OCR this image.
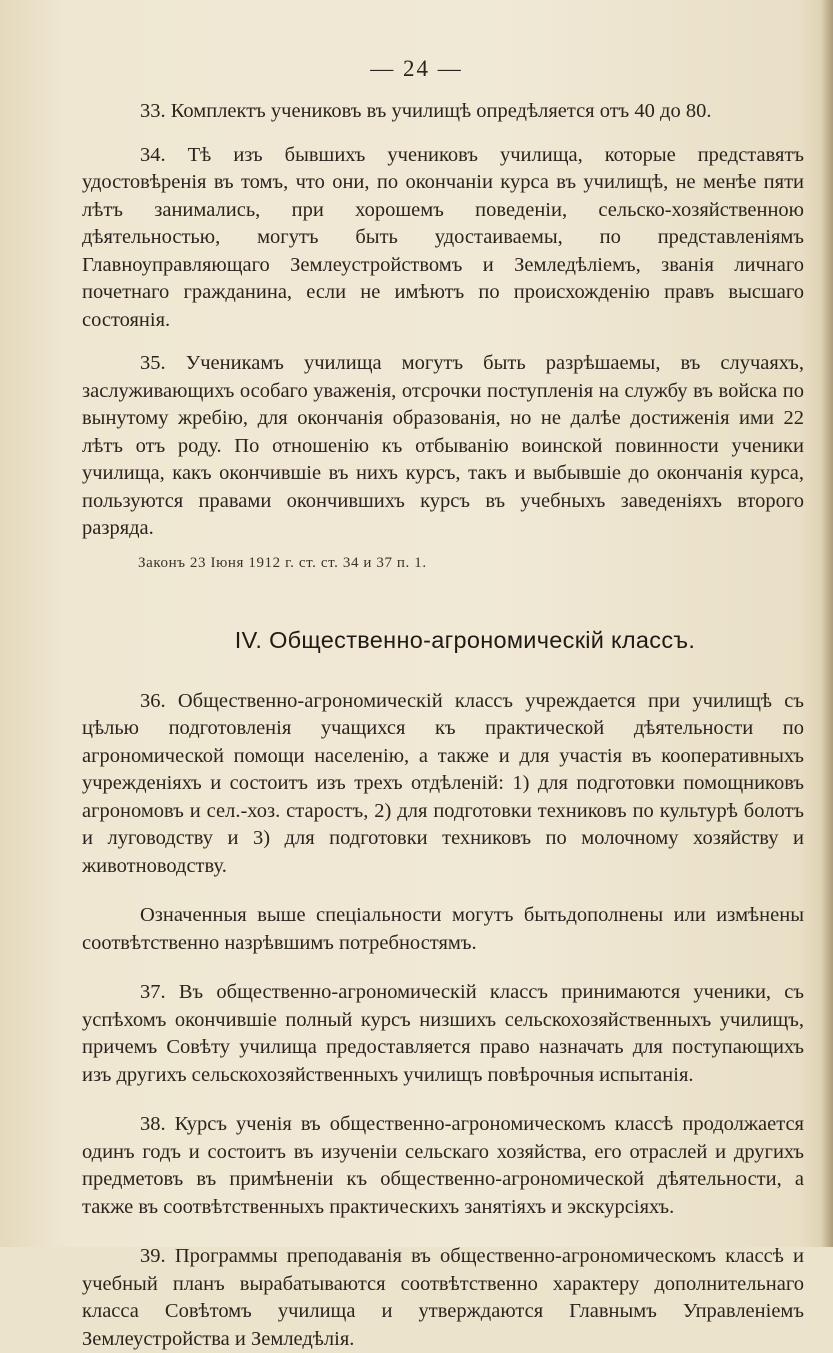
— 24 —

33. Комплектъ учениковъ въ училищѣ опредѣляется отъ 40 до 80.

34. Тѣ изъ бывшихъ учениковъ училища, которые представятъ удостовѣренія въ томъ, что они, по окончаніи курса въ училищѣ, не менѣе пяти лѣтъ занимались, при хорошемъ поведеніи, сельско-хозяйственною дѣятельностью, могутъ быть удостаиваемы, по представленіямъ Главноуправляющаго Землеустройствомъ и Земледѣліемъ, званія личнаго почетнаго гражданина, если не имѣютъ по происхожденію правъ высшаго состоянія.

35. Ученикамъ училища могутъ быть разрѣшаемы, въ случаяхъ, заслуживающихъ особаго уваженія, отсрочки поступленія на службу въ войска по вынутому жребію, для окончанія образованія, но не далѣе достиженія ими 22 лѣтъ отъ роду. По отношенію къ отбыванію воинской повинности ученики училища, какъ окончившіе въ нихъ курсъ, такъ и выбывшіе до окончанія курса, пользуются правами окончившихъ курсъ въ учебныхъ заведеніяхъ второго разряда.

Законъ 23 Іюня 1912 г. ст. ст. 34 и 37 п. 1.
IV. Общественно-агрономическій классъ.

36. Общественно-агрономическій классъ учреждается при училищѣ съ цѣлью подготовленія учащихся къ практической дѣятельности по агрономической помощи населенію, а также и для участія въ кооперативныхъ учрежденіяхъ и состоитъ изъ трехъ отдѣленій: 1) для подготовки помощниковъ агрономовъ и сел.-хоз. старостъ, 2) для подготовки техниковъ по культурѣ болотъ и луговодству и 3) для подготовки техниковъ по молочному хозяйству и животноводству.

Означенныя выше спеціальности могутъ бытьдополнены или измѣнены соотвѣтственно назрѣвшимъ потребностямъ.

37. Въ общественно-агрономическій классъ принимаются ученики, съ успѣхомъ окончившіе полный курсъ низшихъ сельскохозяйственныхъ училищъ, причемъ Совѣту училища предоставляется право назначать для поступающихъ изъ другихъ сельскохозяйственныхъ училищъ повѣрочныя испытанія.

38. Курсъ ученія въ общественно-агрономическомъ классѣ продолжается одинъ годъ и состоитъ въ изученіи сельскаго хозяйства, его отраслей и другихъ предметовъ въ примѣненіи къ общественно-агрономической дѣятельности, а также въ соотвѣтственныхъ практическихъ занятіяхъ и экскурсіяхъ.

39. Программы преподаванія въ общественно-агрономическомъ классѣ и учебный планъ вырабатываются соотвѣтственно характеру дополнительнаго класса Совѣтомъ училища и утверждаются Главнымъ Управленіемъ Землеустройства и Земледѣлія.
